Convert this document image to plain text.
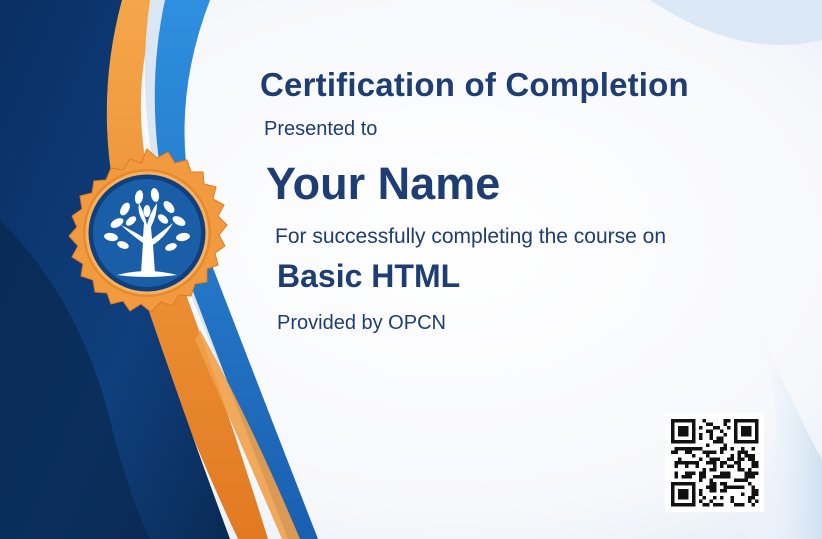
Certification of Completion
Presented to
Your Name
For successfully completing the course on
Basic HTML
Provided by OPCN
